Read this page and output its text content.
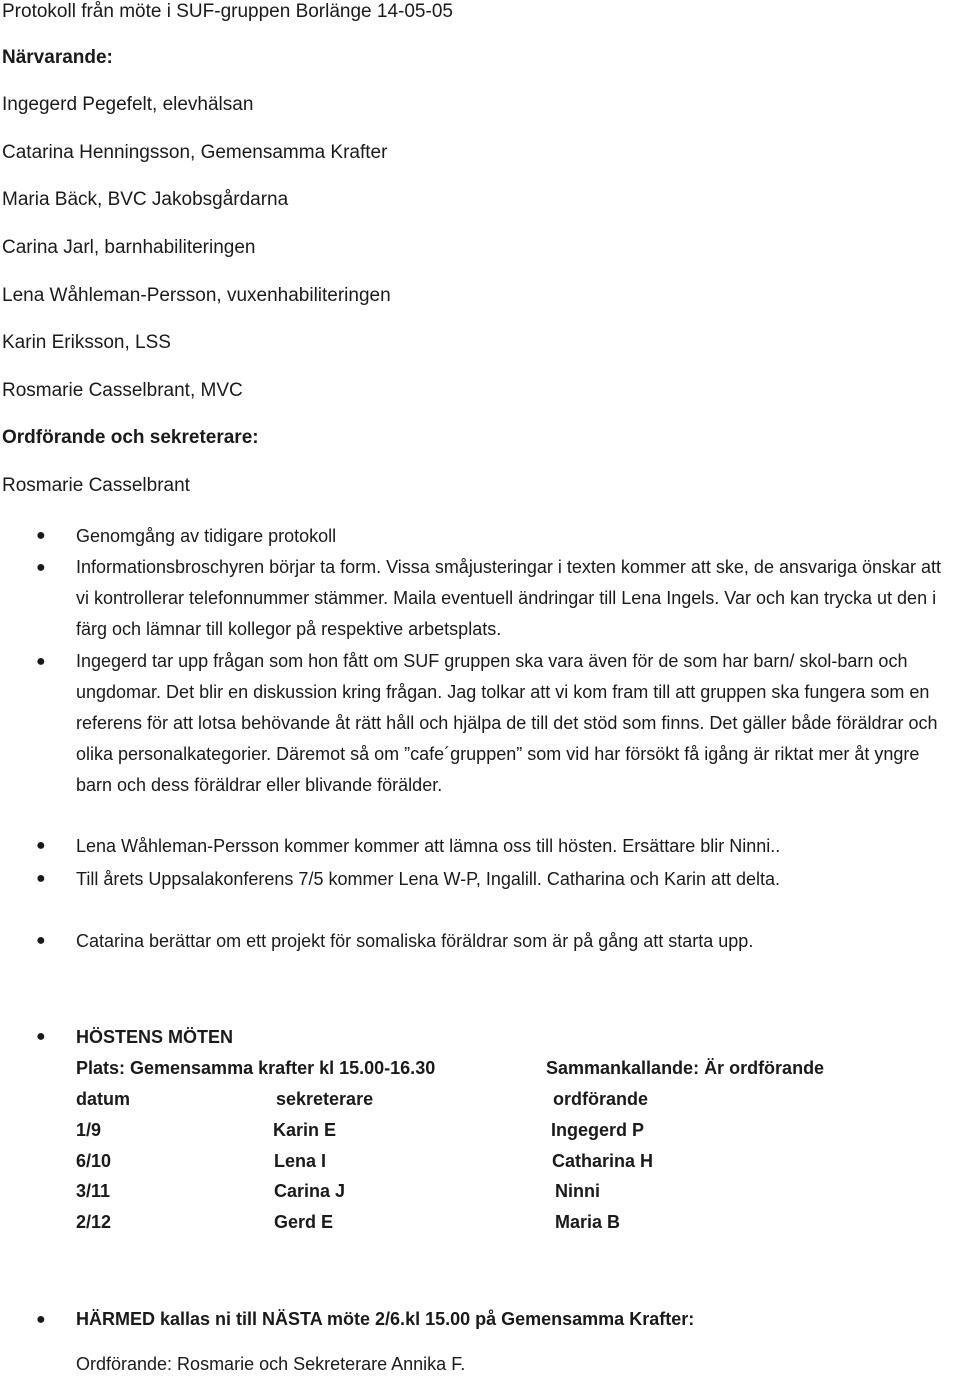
Protokoll från möte i SUF-gruppen Borlänge 14-05-05
Närvarande:
Ingegerd Pegefelt, elevhälsan
Catarina Henningsson, Gemensamma Krafter
Maria Bäck, BVC Jakobsgårdarna
Carina Jarl, barnhabiliteringen
Lena Wåhleman-Persson, vuxenhabiliteringen
Karin Eriksson, LSS
Rosmarie Casselbrant, MVC
Ordförande och sekreterare:
Rosmarie Casselbrant
● Genomgång av tidigare protokoll
● Informationsbroschyren börjar ta form. Vissa småjusteringar i texten kommer att ske, de ansvariga önskar att vi kontrollerar telefonnummer stämmer. Maila eventuell ändringar till Lena Ingels. Var och kan trycka ut den i färg och lämnar till kollegor på respektive arbetsplats.
● Ingegerd tar upp frågan som hon fått om SUF gruppen ska vara även för de som har barn/ skol-barn och ungdomar. Det blir en diskussion kring frågan. Jag tolkar att vi kom fram till att gruppen ska fungera som en referens för att lotsa behövande åt rätt håll och hjälpa de till det stöd som finns. Det gäller både föräldrar och olika personalkategorier. Däremot så om ”cafe´gruppen” som vid har försökt få igång är riktat mer åt yngre barn och dess föräldrar eller blivande förälder.
● Lena Wåhleman-Persson kommer kommer att lämna oss till hösten. Ersättare blir Ninni..
● Till årets Uppsalakonferens 7/5 kommer Lena W-P, Ingalill. Catharina och Karin att delta.
● Catarina berättar om ett projekt för somaliska föräldrar som är på gång att starta upp.
● HÖSTENS MÖTEN
Plats: Gemensamma krafter kl 15.00-16.30	Sammankallande: Är ordförande
datum	sekreterare	ordförande
1/9	Karin E	Ingegerd P
6/10	Lena I	Catharina H
3/11	Carina J	Ninni
2/12	Gerd E	Maria B
● HÄRMED kallas ni till NÄSTA möte 2/6.kl 15.00 på Gemensamma Krafter:
Ordförande: Rosmarie och Sekreterare Annika F.
